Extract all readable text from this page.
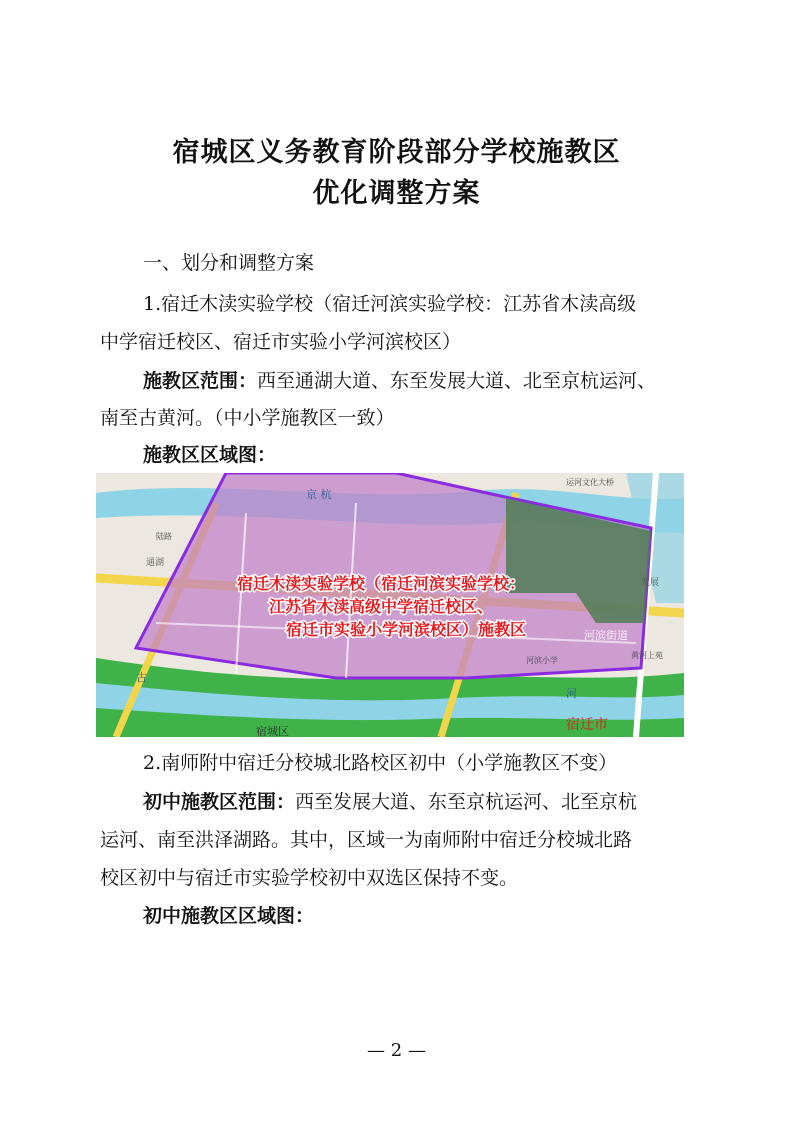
宿城区义务教育阶段部分学校施教区
优化调整方案
一、划分和调整方案
1.宿迁木渎实验学校（宿迁河滨实验学校：江苏省木渎高级
中学宿迁校区、宿迁市实验小学河滨校区）
施教区范围：西至通湖大道、东至发展大道、北至京杭运河、
南至古黄河。（中小学施教区一致）
施教区区域图：
京 杭
古
河
河滨街道
宿迁市
宿城区
通湖
发展
运河文化大桥
河滨小学
黄河上苑
陆路
宿迁木渎实验学校（宿迁河滨实验学校：
江苏省木渎高级中学宿迁校区、
宿迁市实验小学河滨校区）施教区
2.南师附中宿迁分校城北路校区初中（小学施教区不变）
初中施教区范围：西至发展大道、东至京杭运河、北至京杭
运河、南至洪泽湖路。其中，区域一为南师附中宿迁分校城北路
校区初中与宿迁市实验学校初中双选区保持不变。
初中施教区区域图：
— 2 —
